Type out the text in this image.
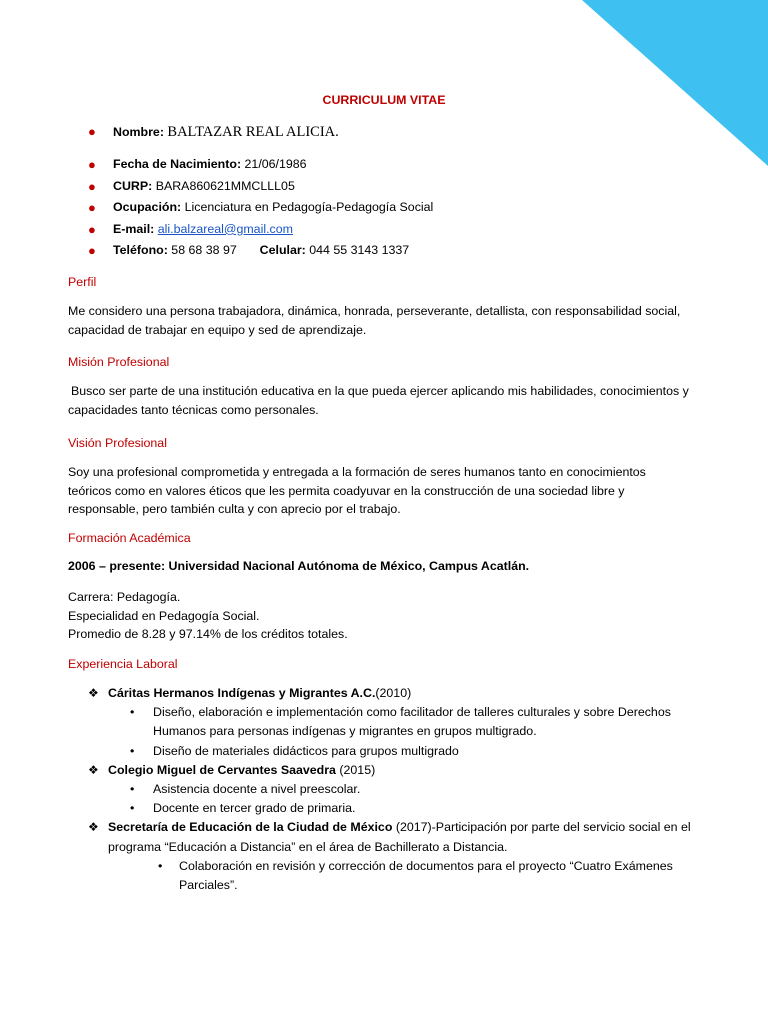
CURRICULUM VITAE
● Nombre: BALTAZAR REAL ALICIA.
● Fecha de Nacimiento: 21/06/1986
● CURP: BARA860621MMCLLL05
● Ocupación: Licenciatura en Pedagogía-Pedagogía Social
● E-mail: ali.balzareal@gmail.com
● Teléfono: 58 68 38 97 Celular: 044 55 3143 1337
Perfil

Me considero una persona trabajadora, dinámica, honrada, perseverante, detallista, con responsabilidad social, capacidad de trabajar en equipo y sed de aprendizaje.

Misión Profesional

Busco ser parte de una institución educativa en la que pueda ejercer aplicando mis habilidades, conocimientos y capacidades tanto técnicas como personales.

Visión Profesional

Soy una profesional comprometida y entregada a la formación de seres humanos tanto en conocimientos teóricos como en valores éticos que les permita coadyuvar en la construcción de una sociedad libre y responsable, pero también culta y con aprecio por el trabajo.

Formación Académica
2006 – presente: Universidad Nacional Autónoma de México, Campus Acatlán.
Carrera: Pedagogía.
Especialidad en Pedagogía Social.
Promedio de 8.28 y 97.14% de los créditos totales.
Experiencia Laboral
❖ Cáritas Hermanos Indígenas y Migrantes A.C.(2010)
• Diseño, elaboración e implementación como facilitador de talleres culturales y sobre Derechos Humanos para personas indígenas y migrantes en grupos multigrado.
• Diseño de materiales didácticos para grupos multigrado
❖ Colegio Miguel de Cervantes Saavedra (2015)
• Asistencia docente a nivel preescolar.
• Docente en tercer grado de primaria.
❖ Secretaría de Educación de la Ciudad de México (2017)-Participación por parte del servicio social en el programa “Educación a Distancia” en el área de Bachillerato a Distancia.
• Colaboración en revisión y corrección de documentos para el proyecto “Cuatro Exámenes Parciales”.
